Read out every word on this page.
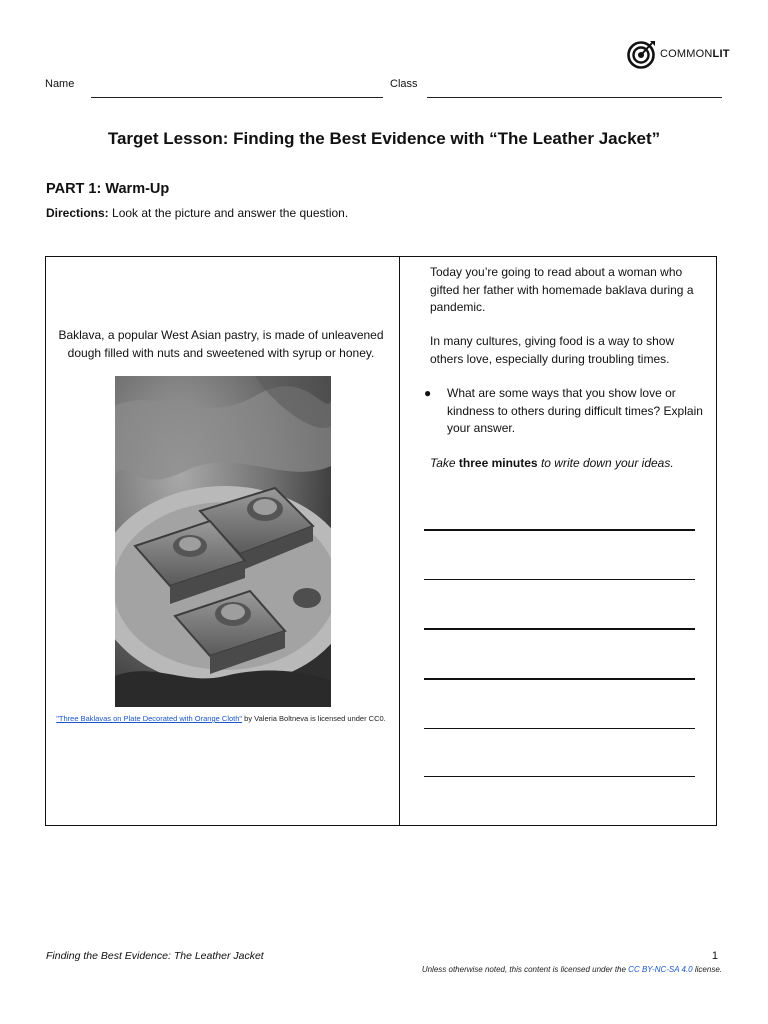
COMMONLIT
Name	Class
Target Lesson: Finding the Best Evidence with “The Leather Jacket”
PART 1: Warm-Up
Directions: Look at the picture and answer the question.
Baklava, a popular West Asian pastry, is made of unleavened dough filled with nuts and sweetened with syrup or honey.
"Three Baklavas on Plate Decorated with Orange Cloth" by Valeria Boltneva is licensed under CC0.
Today you’re going to read about a woman who gifted her father with homemade baklava during a pandemic.
In many cultures, giving food is a way to show others love, especially during troubling times.
●	What are some ways that you show love or kindness to others during difficult times? Explain your answer.
Take three minutes to write down your ideas.
Finding the Best Evidence: The Leather Jacket	1
Unless otherwise noted, this content is licensed under the CC BY-NC-SA 4.0 license.
